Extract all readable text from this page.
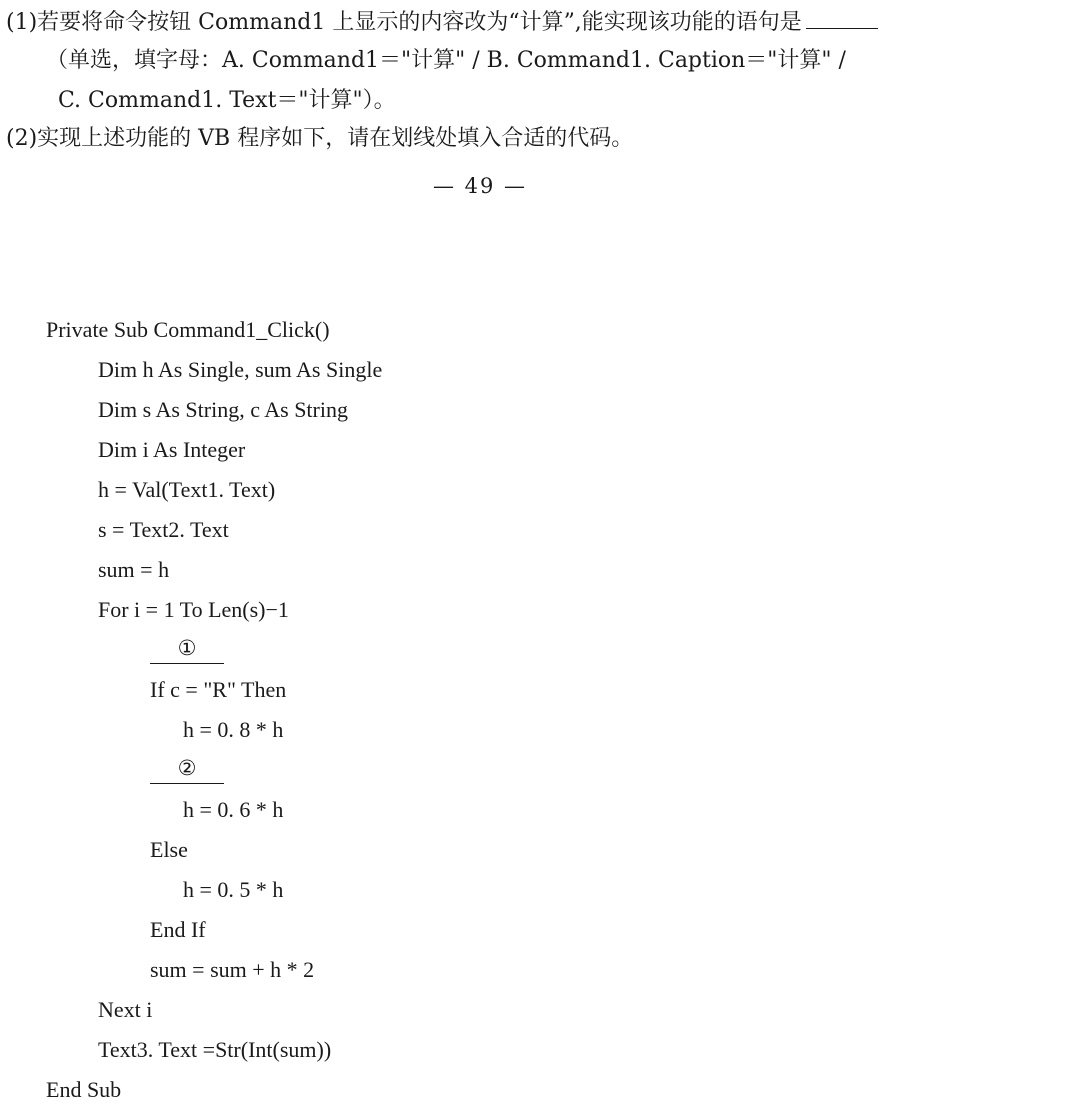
(1)若要将命令按钮 Command1 上显示的内容改为“计算”,能实现该功能的语句是
（单选，填字母：A. Command1＝"计算" / B. Command1. Caption＝"计算" /
C. Command1. Text＝"计算"）。
(2)实现上述功能的 VB 程序如下，请在划线处填入合适的代码。
— 49 —
Private Sub Command1_Click()
Dim h As Single, sum As Single
Dim s As String, c As String
Dim i As Integer
h = Val(Text1. Text)
s = Text2. Text
sum = h
For i = 1 To Len(s)−1
①
If c = "R" Then
h = 0. 8 * h
②
h = 0. 6 * h
Else
h = 0. 5 * h
End If
sum = sum + h * 2
Next i
Text3. Text =Str(Int(sum))
End Sub
